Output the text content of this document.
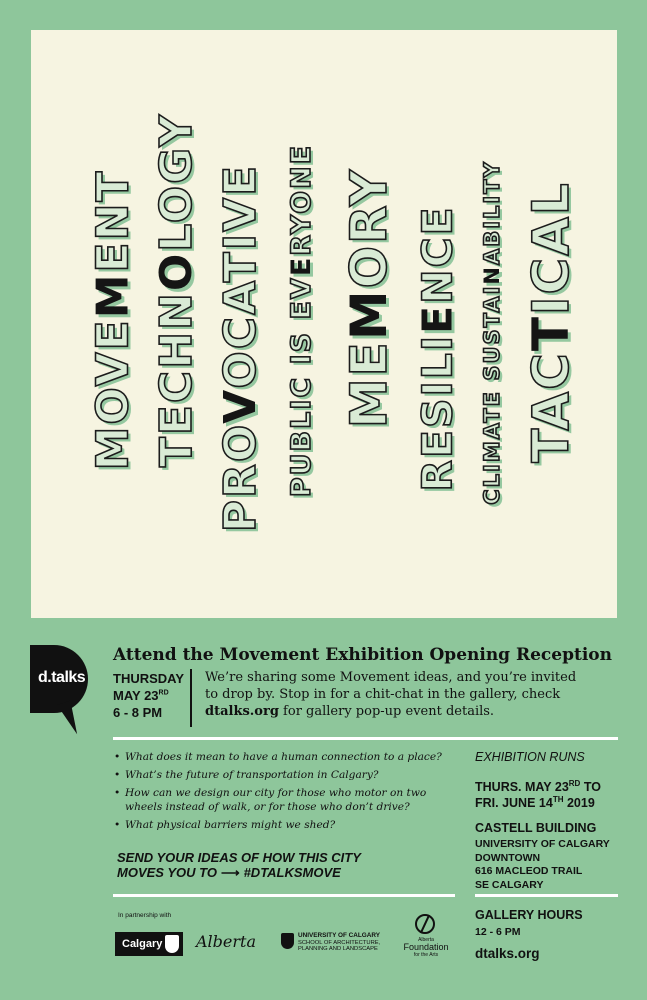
MOVEMENT
TECHNOLOGY
PROVOCATIVE PUBLIC IS EVERYONE
MEMORY
RESILIENCE
CLIMATE SUSTAINABILITY
TACTICAL
d.talks
Attend the Movement Exhibition Opening Reception
THURSDAY
MAY 23RD
6 - 8 PM
We’re sharing some Movement ideas, and you’re invited
to drop by. Stop in for a chit-chat in the gallery, check
dtalks.org for gallery pop-up event details.
• What does it mean to have a human connection to a place?
• What’s the future of transportation in Calgary?
• How can we design our city for those who motor on two wheels instead of walk, or for those who don’t drive?
• What physical barriers might we shed?
SEND YOUR IDEAS OF HOW THIS CITY
MOVES YOU TO ⟶ #DTALKSMOVE
In partnership with
Calgary	Alberta	UNIVERSITY OF CALGARY
SCHOOL OF ARCHITECTURE,
PLANNING AND LANDSCAPE
Alberta
Foundation
for the Arts
EXHIBITION RUNS
THURS. MAY 23RD TO
FRI. JUNE 14TH 2019
CASTELL BUILDING
UNIVERSITY OF CALGARY
DOWNTOWN
616 MACLEOD TRAIL
SE CALGARY
GALLERY HOURS
12 - 6 PM
dtalks.org
